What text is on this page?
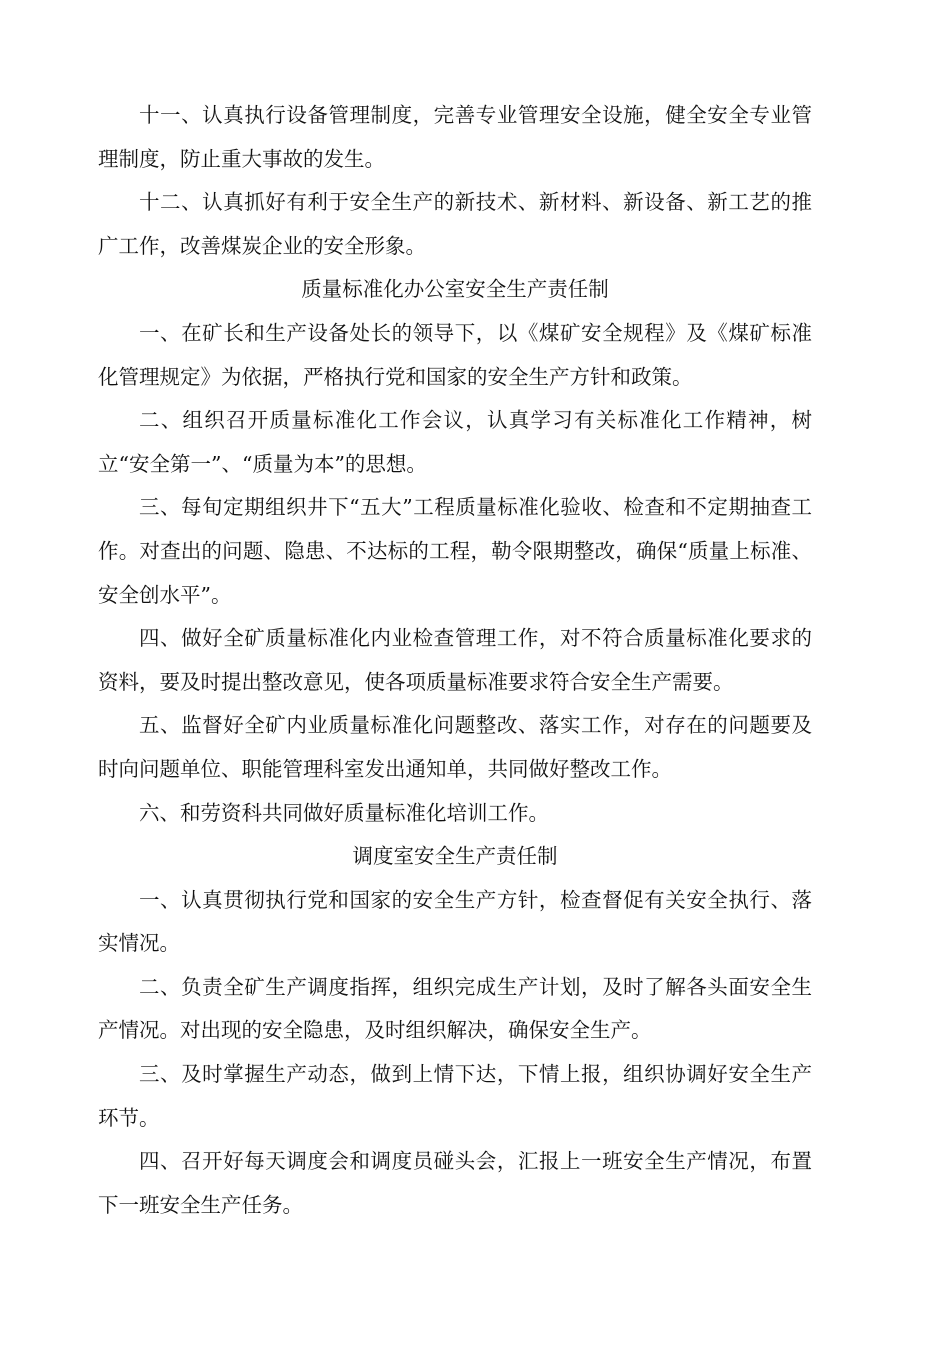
十一、认真执行设备管理制度，完善专业管理安全设施，健全安全专业管理制度，防止重大事故的发生。

十二、认真抓好有利于安全生产的新技术、新材料、新设备、新工艺的推广工作，改善煤炭企业的安全形象。

质量标准化办公室安全生产责任制

一、在矿长和生产设备处长的领导下，以《煤矿安全规程》及《煤矿标准化管理规定》为依据，严格执行党和国家的安全生产方针和政策。

二、组织召开质量标准化工作会议，认真学习有关标准化工作精神，树立“安全第一”、“质量为本”的思想。

三、每旬定期组织井下“五大”工程质量标准化验收、检查和不定期抽查工作。对查出的问题、隐患、不达标的工程，勒令限期整改，确保“质量上标准、安全创水平”。

四、做好全矿质量标准化内业检查管理工作，对不符合质量标准化要求的资料，要及时提出整改意见，使各项质量标准要求符合安全生产需要。

五、监督好全矿内业质量标准化问题整改、落实工作，对存在的问题要及时向问题单位、职能管理科室发出通知单，共同做好整改工作。

六、和劳资科共同做好质量标准化培训工作。

调度室安全生产责任制

一、认真贯彻执行党和国家的安全生产方针，检查督促有关安全执行、落实情况。

二、负责全矿生产调度指挥，组织完成生产计划，及时了解各头面安全生产情况。对出现的安全隐患，及时组织解决，确保安全生产。

三、及时掌握生产动态，做到上情下达，下情上报，组织协调好安全生产环节。

四、召开好每天调度会和调度员碰头会，汇报上一班安全生产情况，布置下一班安全生产任务。
